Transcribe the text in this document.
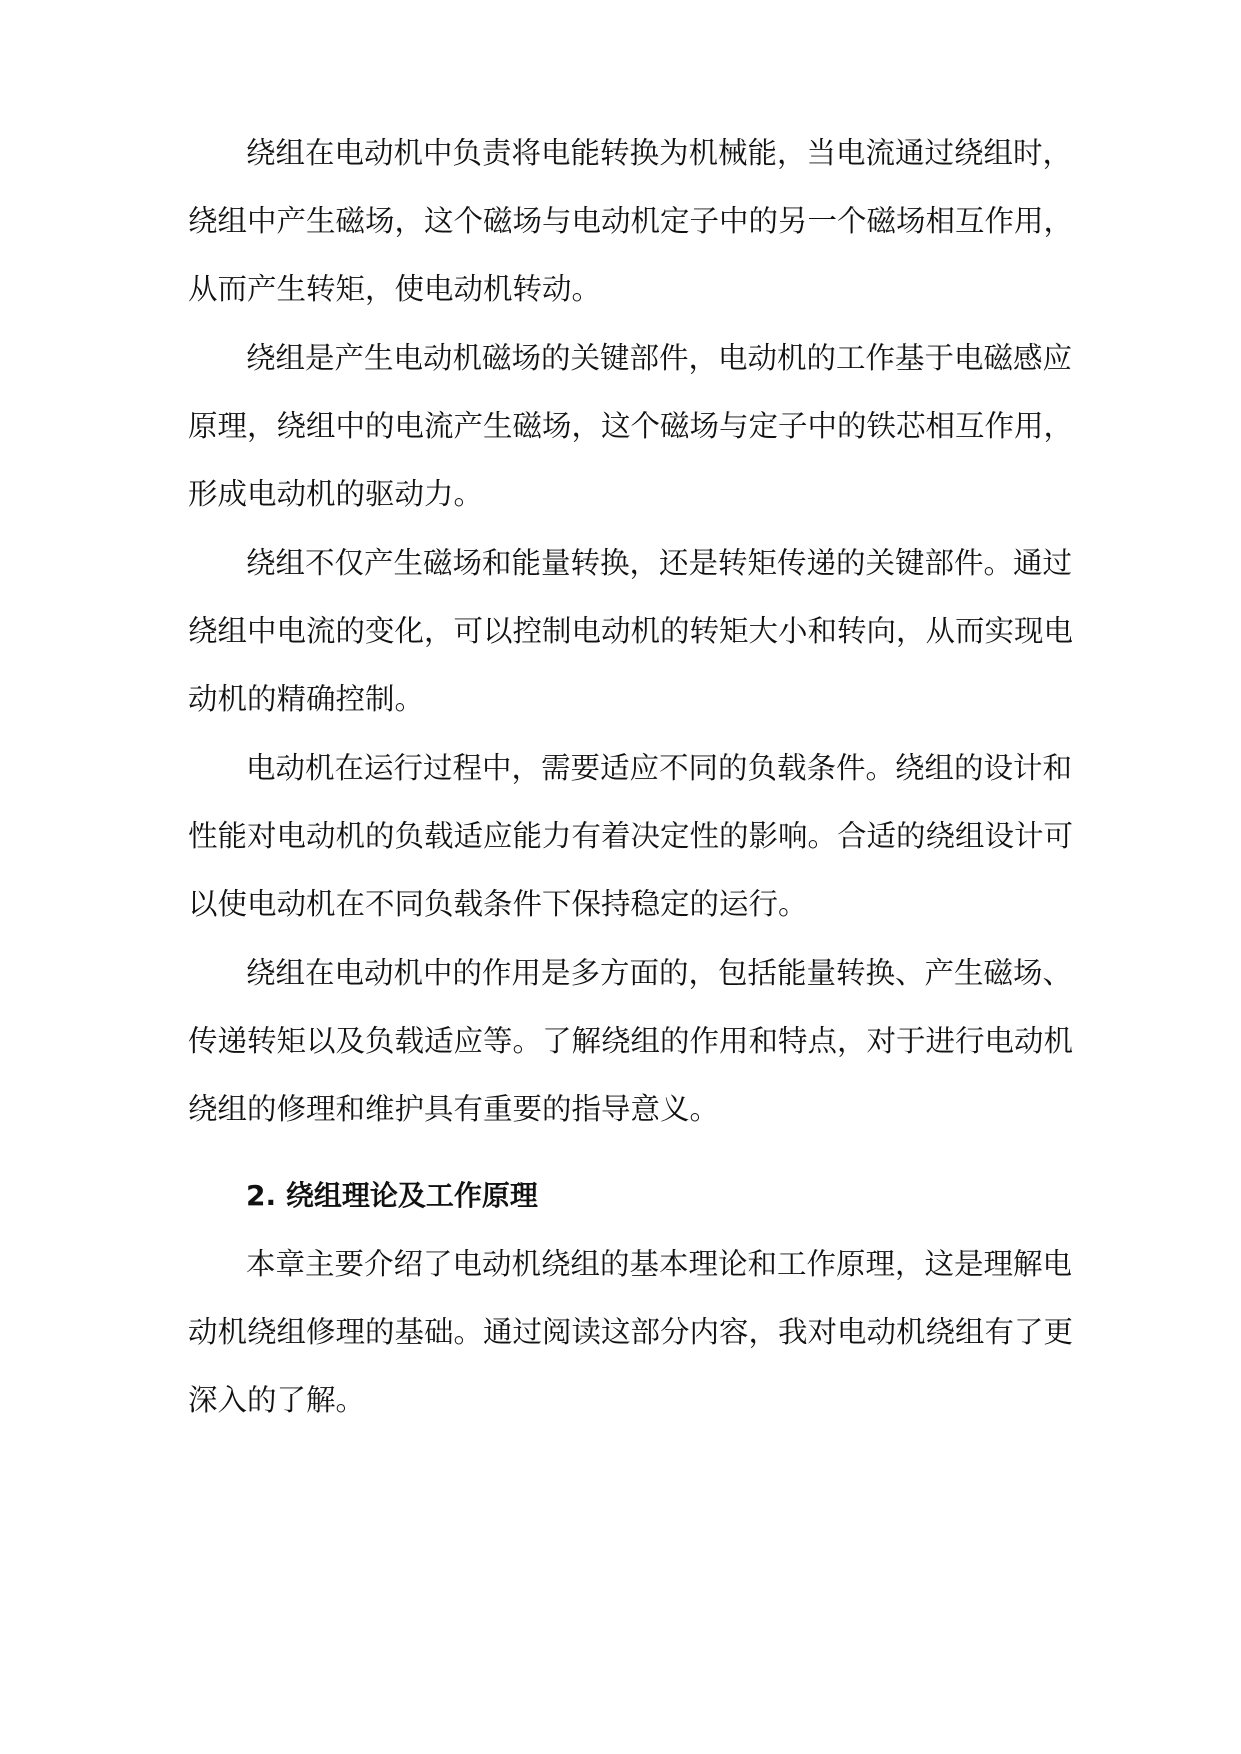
绕组在电动机中负责将电能转换为机械能，当电流通过绕组时，
绕组中产生磁场，这个磁场与电动机定子中的另一个磁场相互作用，
从而产生转矩，使电动机转动。
绕组是产生电动机磁场的关键部件，电动机的工作基于电磁感应
原理，绕组中的电流产生磁场，这个磁场与定子中的铁芯相互作用，
形成电动机的驱动力。
绕组不仅产生磁场和能量转换，还是转矩传递的关键部件。通过
绕组中电流的变化，可以控制电动机的转矩大小和转向，从而实现电
动机的精确控制。
电动机在运行过程中，需要适应不同的负载条件。绕组的设计和
性能对电动机的负载适应能力有着决定性的影响。合适的绕组设计可
以使电动机在不同负载条件下保持稳定的运行。
绕组在电动机中的作用是多方面的，包括能量转换、产生磁场、
传递转矩以及负载适应等。了解绕组的作用和特点，对于进行电动机
绕组的修理和维护具有重要的指导意义。
2. 绕组理论及工作原理
本章主要介绍了电动机绕组的基本理论和工作原理，这是理解电
动机绕组修理的基础。通过阅读这部分内容，我对电动机绕组有了更
深入的了解。
